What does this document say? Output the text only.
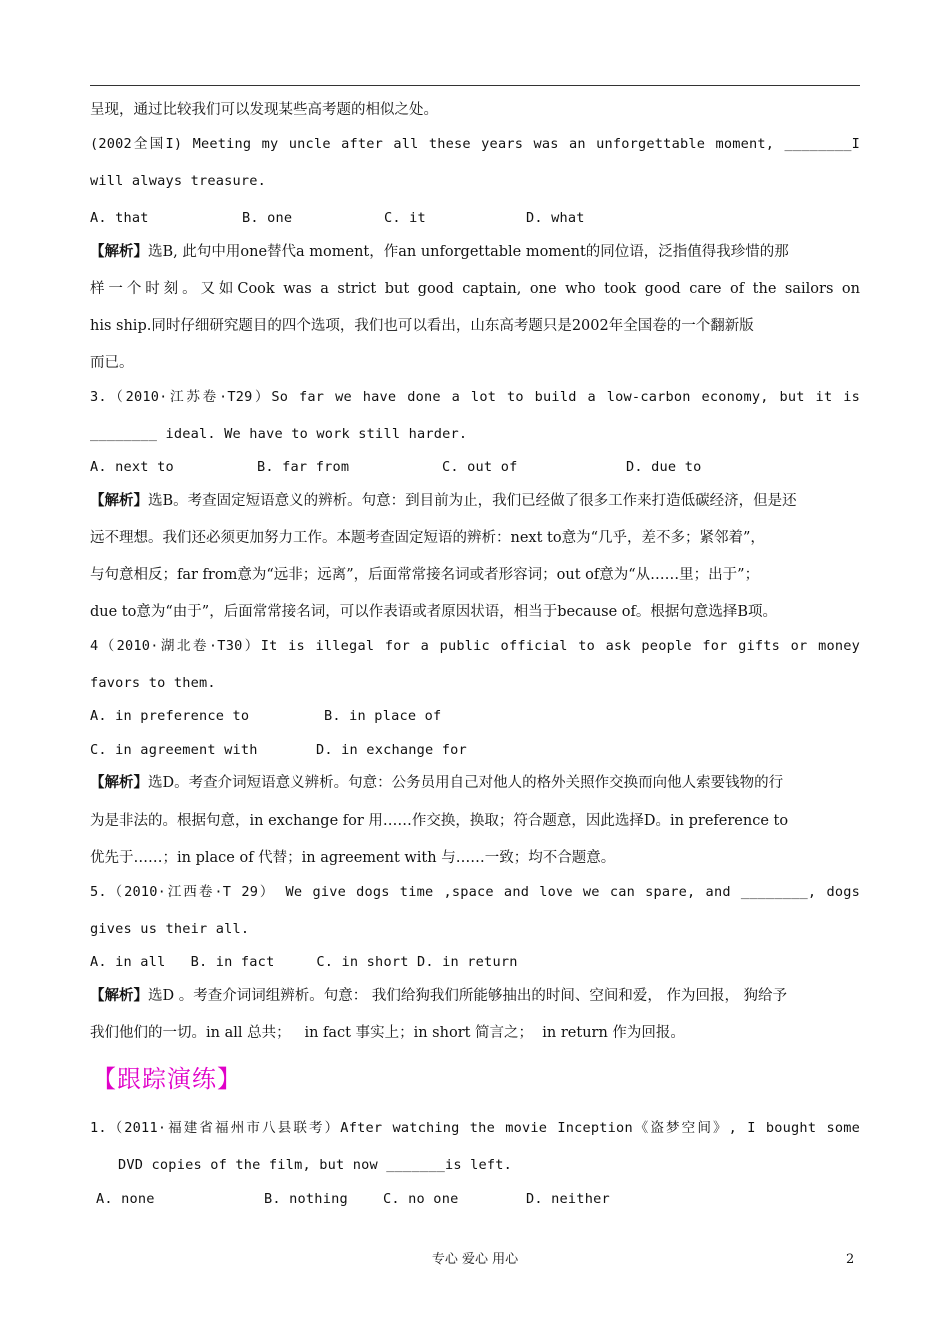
呈现，通过比较我们可以发现某些高考题的相似之处。
(2002全国I) Meeting my uncle after all these years was an unforgettable moment, ________I
will always treasure.
A. that	B. one	C. it	D. what
【解析】选B, 此句中用one替代a moment，作an unforgettable moment的同位语，泛指值得我珍惜的那
样一个时刻。又如Cook was a strict but good captain, one who took good care of the sailors on
his ship.同时仔细研究题目的四个选项，我们也可以看出，山东高考题只是2002年全国卷的一个翻新版
而已。
3.（2010·江苏卷·T29）So far we have done a lot to build a low-carbon economy, but it is
________ ideal. We have to work still harder.
A. next to	B. far from	C. out of	D. due to
【解析】选B。考查固定短语意义的辨析。句意：到目前为止，我们已经做了很多工作来打造低碳经济，但是还
远不理想。我们还必须更加努力工作。本题考查固定短语的辨析：next to意为“几乎，差不多；紧邻着”，
与句意相反；far from意为“远非；远离”，后面常常接名词或者形容词；out of意为“从……里；出于”；
due to意为“由于”，后面常常接名词，可以作表语或者原因状语，相当于because of。根据句意选择B项。
4（2010·湖北卷·T30）It is illegal for a public official to ask people for gifts or money
favors to them.
A. in preference to	B. in place of
C. in agreement with	D. in exchange for
【解析】选D。考查介词短语意义辨析。句意：公务员用自己对他人的格外关照作交换而向他人索要钱物的行
为是非法的。根据句意，in exchange for 用……作交换，换取；符合题意，因此选择D。in preference to
优先于……；in place of 代替；in agreement with 与……一致；均不合题意。
5.（2010·江西卷·T 29） We give dogs time ,space and love we can spare, and ________, dogs
gives us their all.
A. in all   B. in fact     C. in short D. in return
【解析】选D 。考查介词词组辨析。句意： 我们给狗我们所能够抽出的时间、空间和爱， 作为回报， 狗给予
我们他们的一切。in all 总共；   in fact 事实上；in short 简言之；  in return 作为回报。
【跟踪演练】
1.（2011·福建省福州市八县联考）After watching the movie Inception《盗梦空间》, I bought some
DVD copies of the film, but now _______is left.
A. none	B. nothing	C. no one	D. neither
专心 爱心 用心	2
